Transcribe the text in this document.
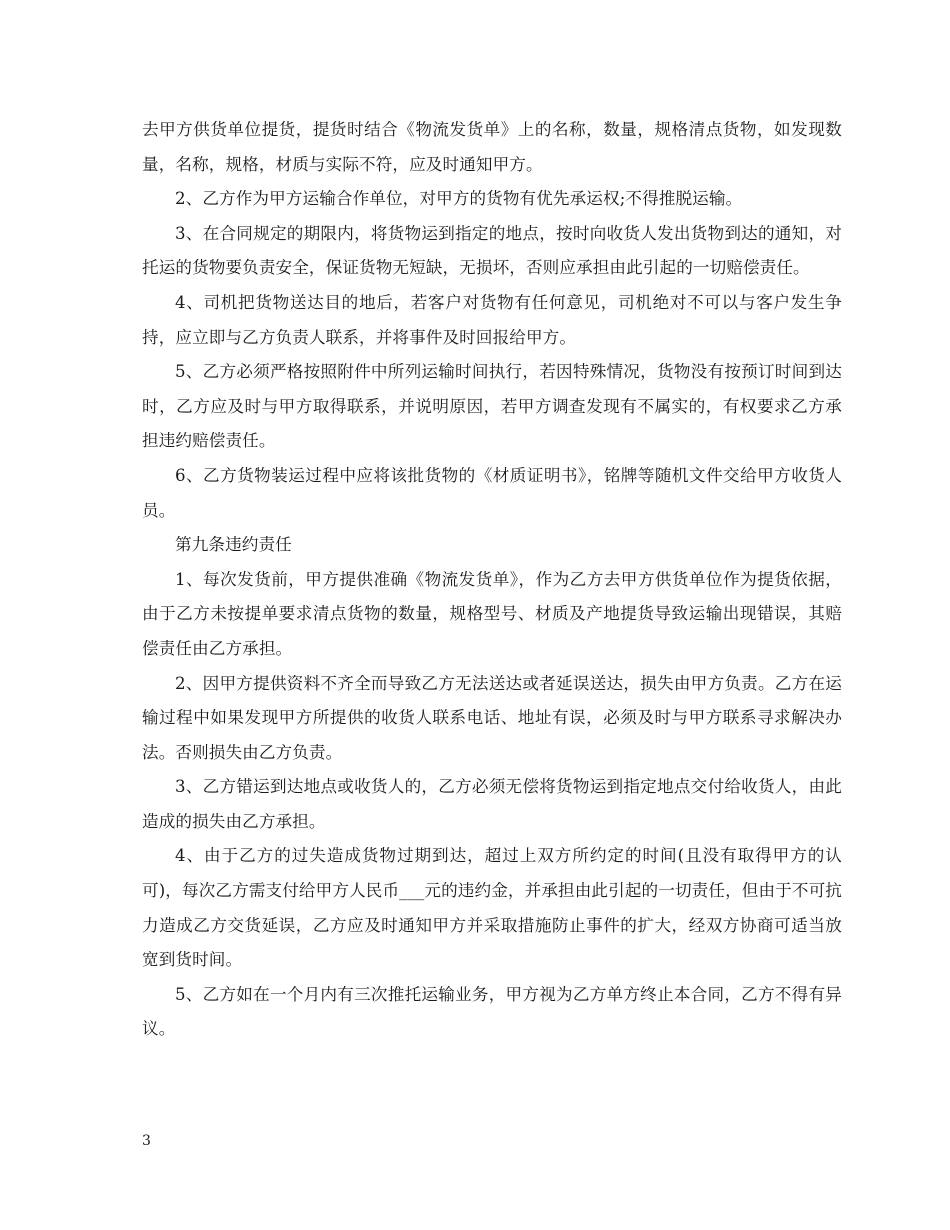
去甲方供货单位提货，提货时结合《物流发货单》上的名称，数量，规格清点货物，如发现数量，名称，规格，材质与实际不符，应及时通知甲方。

2、乙方作为甲方运输合作单位，对甲方的货物有优先承运权;不得推脱运输。

3、在合同规定的期限内，将货物运到指定的地点，按时向收货人发出货物到达的通知，对托运的货物要负责安全，保证货物无短缺，无损坏，否则应承担由此引起的一切赔偿责任。

4、司机把货物送达目的地后，若客户对货物有任何意见，司机绝对不可以与客户发生争持，应立即与乙方负责人联系，并将事件及时回报给甲方。

5、乙方必须严格按照附件中所列运输时间执行，若因特殊情况，货物没有按预订时间到达时，乙方应及时与甲方取得联系，并说明原因，若甲方调查发现有不属实的，有权要求乙方承担违约赔偿责任。

6、乙方货物装运过程中应将该批货物的《材质证明书》，铭牌等随机文件交给甲方收货人员。

第九条违约责任

1、每次发货前，甲方提供准确《物流发货单》，作为乙方去甲方供货单位作为提货依据，由于乙方未按提单要求清点货物的数量，规格型号、材质及产地提货导致运输出现错误，其赔偿责任由乙方承担。

2、因甲方提供资料不齐全而导致乙方无法送达或者延误送达，损失由甲方负责。乙方在运输过程中如果发现甲方所提供的收货人联系电话、地址有误，必须及时与甲方联系寻求解决办法。否则损失由乙方负责。

3、乙方错运到达地点或收货人的，乙方必须无偿将货物运到指定地点交付给收货人，由此造成的损失由乙方承担。

4、由于乙方的过失造成货物过期到达，超过上双方所约定的时间(且没有取得甲方的认可)，每次乙方需支付给甲方人民币___元的违约金，并承担由此引起的一切责任，但由于不可抗力造成乙方交货延误，乙方应及时通知甲方并采取措施防止事件的扩大，经双方协商可适当放宽到货时间。

5、乙方如在一个月内有三次推托运输业务，甲方视为乙方单方终止本合同，乙方不得有异议。

3
